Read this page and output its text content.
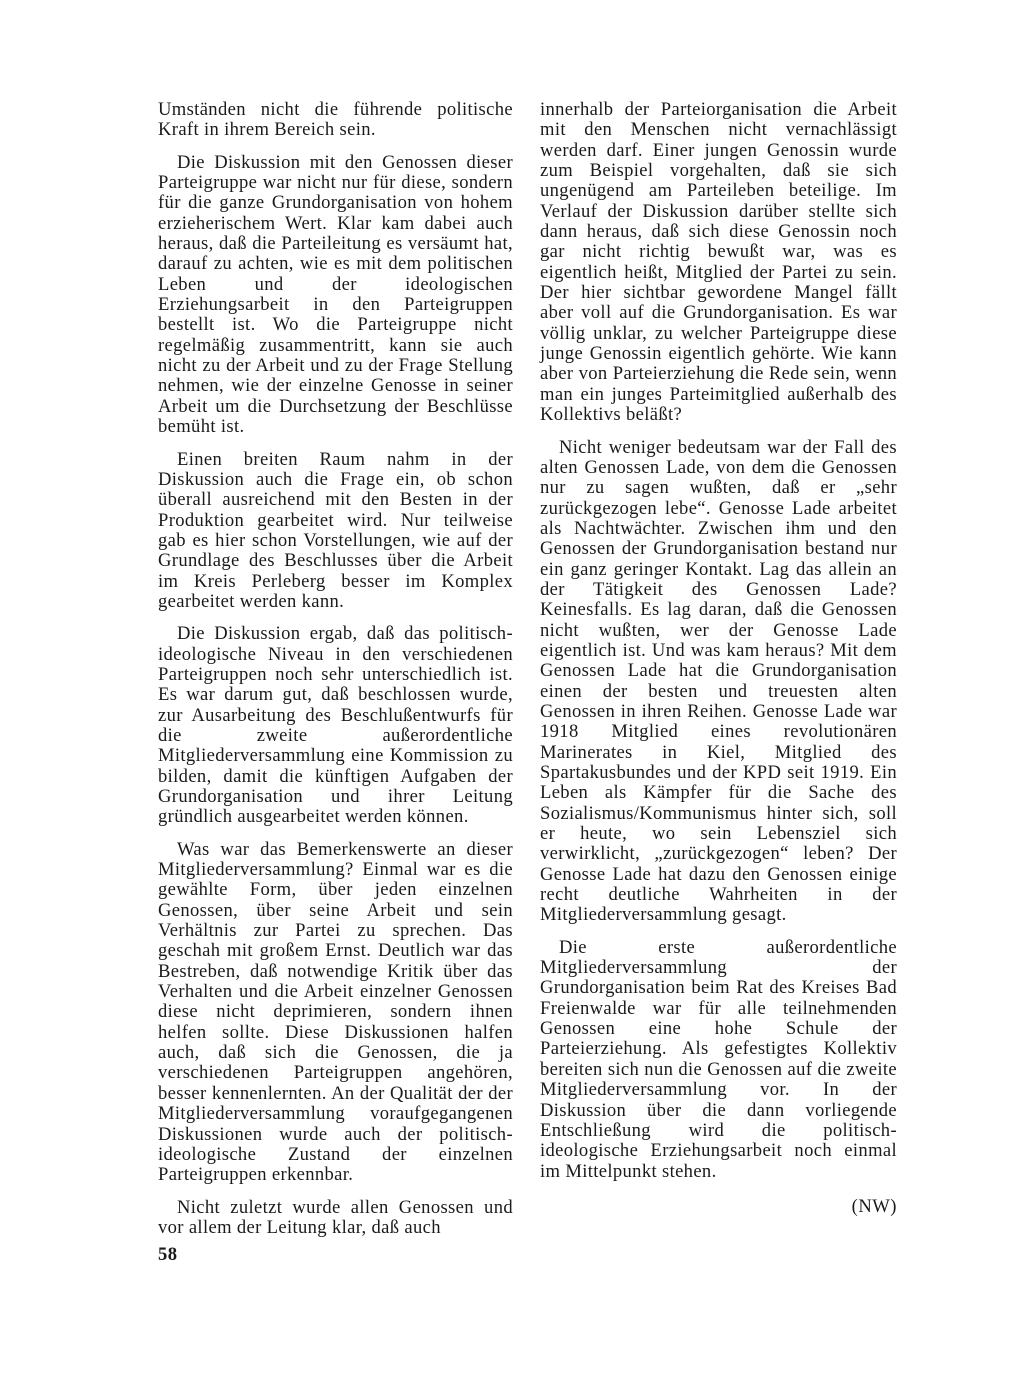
Umständen nicht die führende politische Kraft in ihrem Bereich sein.

Die Diskussion mit den Genossen dieser Parteigruppe war nicht nur für diese, sondern für die ganze Grundorganisation von hohem erzieherischem Wert. Klar kam dabei auch heraus, daß die Parteileitung es versäumt hat, darauf zu achten, wie es mit dem politischen Leben und der ideologischen Erziehungsarbeit in den Parteigruppen bestellt ist. Wo die Parteigruppe nicht regelmäßig zusammentritt, kann sie auch nicht zu der Arbeit und zu der Frage Stellung nehmen, wie der einzelne Genosse in seiner Arbeit um die Durchsetzung der Beschlüsse bemüht ist.

Einen breiten Raum nahm in der Diskussion auch die Frage ein, ob schon überall ausreichend mit den Besten in der Produktion gearbeitet wird. Nur teilweise gab es hier schon Vorstellungen, wie auf der Grundlage des Beschlusses über die Arbeit im Kreis Perleberg besser im Komplex gearbeitet werden kann.

Die Diskussion ergab, daß das politisch-ideologische Niveau in den verschiedenen Parteigruppen noch sehr unterschiedlich ist. Es war darum gut, daß beschlossen wurde, zur Ausarbeitung des Beschlußentwurfs für die zweite außerordentliche Mitgliederversammlung eine Kommission zu bilden, damit die künftigen Aufgaben der Grundorganisation und ihrer Leitung gründlich ausgearbeitet werden können.

Was war das Bemerkenswerte an dieser Mitgliederversammlung? Einmal war es die gewählte Form, über jeden einzelnen Genossen, über seine Arbeit und sein Verhältnis zur Partei zu sprechen. Das geschah mit großem Ernst. Deutlich war das Bestreben, daß notwendige Kritik über das Verhalten und die Arbeit einzelner Genossen diese nicht deprimieren, sondern ihnen helfen sollte. Diese Diskussionen halfen auch, daß sich die Genossen, die ja verschiedenen Parteigruppen angehören, besser kennenlernten. An der Qualität der der Mitgliederversammlung voraufgegangenen Diskussionen wurde auch der politisch-ideologische Zustand der einzelnen Parteigruppen erkennbar.

Nicht zuletzt wurde allen Genossen und vor allem der Leitung klar, daß auch

innerhalb der Parteiorganisation die Arbeit mit den Menschen nicht vernachlässigt werden darf. Einer jungen Genossin wurde zum Beispiel vorgehalten, daß sie sich ungenügend am Parteileben beteilige. Im Verlauf der Diskussion darüber stellte sich dann heraus, daß sich diese Genossin noch gar nicht richtig bewußt war, was es eigentlich heißt, Mitglied der Partei zu sein. Der hier sichtbar gewordene Mangel fällt aber voll auf die Grundorganisation. Es war völlig unklar, zu welcher Parteigruppe diese junge Genossin eigentlich gehörte. Wie kann aber von Parteierziehung die Rede sein, wenn man ein junges Parteimitglied außerhalb des Kollektivs beläßt?

Nicht weniger bedeutsam war der Fall des alten Genossen Lade, von dem die Genossen nur zu sagen wußten, daß er „sehr zurückgezogen lebe“. Genosse Lade arbeitet als Nachtwächter. Zwischen ihm und den Genossen der Grundorganisation bestand nur ein ganz geringer Kontakt. Lag das allein an der Tätigkeit des Genossen Lade? Keinesfalls. Es lag daran, daß die Genossen nicht wußten, wer der Genosse Lade eigentlich ist. Und was kam heraus? Mit dem Genossen Lade hat die Grundorganisation einen der besten und treuesten alten Genossen in ihren Reihen. Genosse Lade war 1918 Mitglied eines revolutionären Marinerates in Kiel, Mitglied des Spartakusbundes und der KPD seit 1919. Ein Leben als Kämpfer für die Sache des Sozialismus/Kommunismus hinter sich, soll er heute, wo sein Lebensziel sich verwirklicht, „zurückgezogen“ leben? Der Genosse Lade hat dazu den Genossen einige recht deutliche Wahrheiten in der Mitgliederversammlung gesagt.

Die erste außerordentliche Mitgliederversammlung der Grundorganisation beim Rat des Kreises Bad Freienwalde war für alle teilnehmenden Genossen eine hohe Schule der Parteierziehung. Als gefestigtes Kollektiv bereiten sich nun die Genossen auf die zweite Mitgliederversammlung vor. In der Diskussion über die dann vorliegende Entschließung wird die politisch-ideologische Erziehungsarbeit noch einmal im Mittelpunkt stehen.

(NW)
58
